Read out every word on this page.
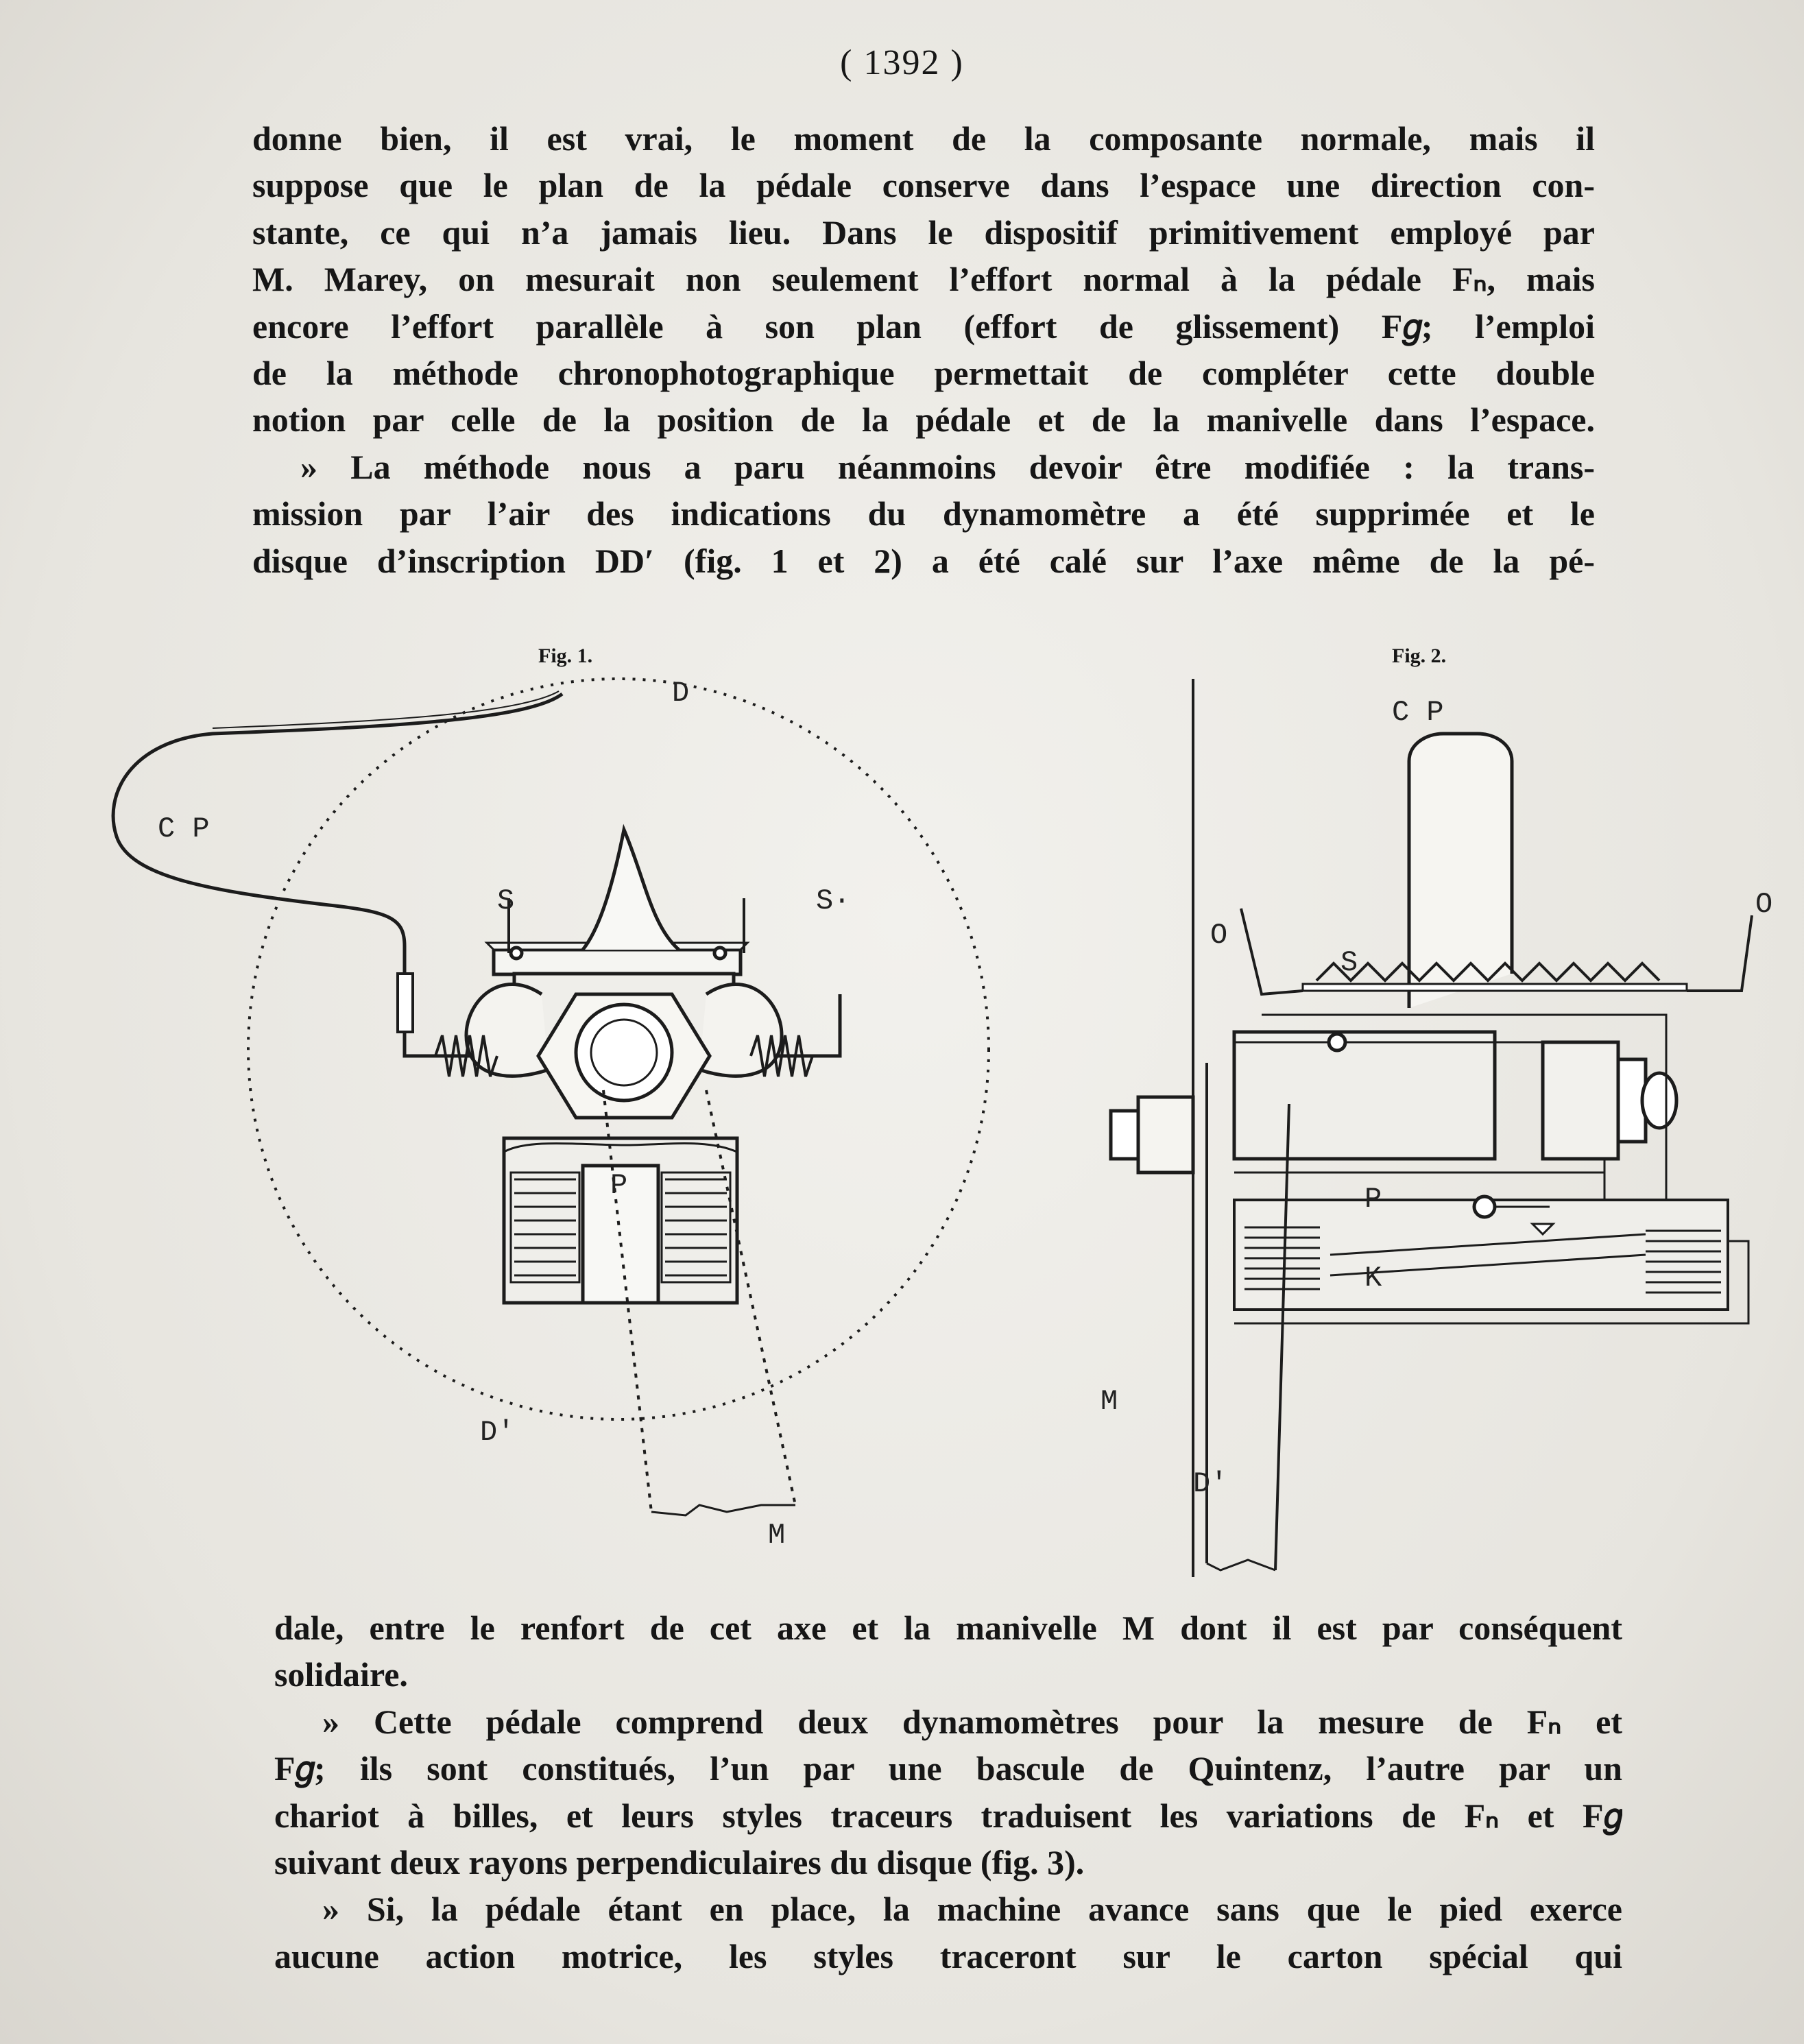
( 1392 )
donne bien, il est vrai, le moment de la composante normale, mais il
suppose que le plan de la pédale conserve dans l’espace une direction con-
stante, ce qui n’a jamais lieu. Dans le dispositif primitivement employé par
M. Marey, on mesurait non seulement l’effort normal à la pédale Fₙ, mais
encore l’effort parallèle à son plan (effort de glissement) F𝑔; l’emploi
de la méthode chronophotographique permettait de compléter cette double
notion par celle de la position de la pédale et de la manivelle dans l’espace.
» La méthode nous a paru néanmoins devoir être modifiée : la trans-
mission par l’air des indications du dynamomètre a été supprimée et le
disque d’inscription DD′ (fig. 1 et 2) a été calé sur l’axe même de la pé-
Fig. 1.	Fig. 2.
D
C P
S	S·
P
D′
M
C P
O
O
S
P
K
M
D′
dale, entre le renfort de cet axe et la manivelle M dont il est par conséquent
solidaire.
» Cette pédale comprend deux dynamomètres pour la mesure de Fₙ et
F𝑔; ils sont constitués, l’un par une bascule de Quintenz, l’autre par un
chariot à billes, et leurs styles traceurs traduisent les variations de Fₙ et F𝑔
suivant deux rayons perpendiculaires du disque (fig. 3).
» Si, la pédale étant en place, la machine avance sans que le pied exerce
aucune action motrice, les styles traceront sur le carton spécial qui
